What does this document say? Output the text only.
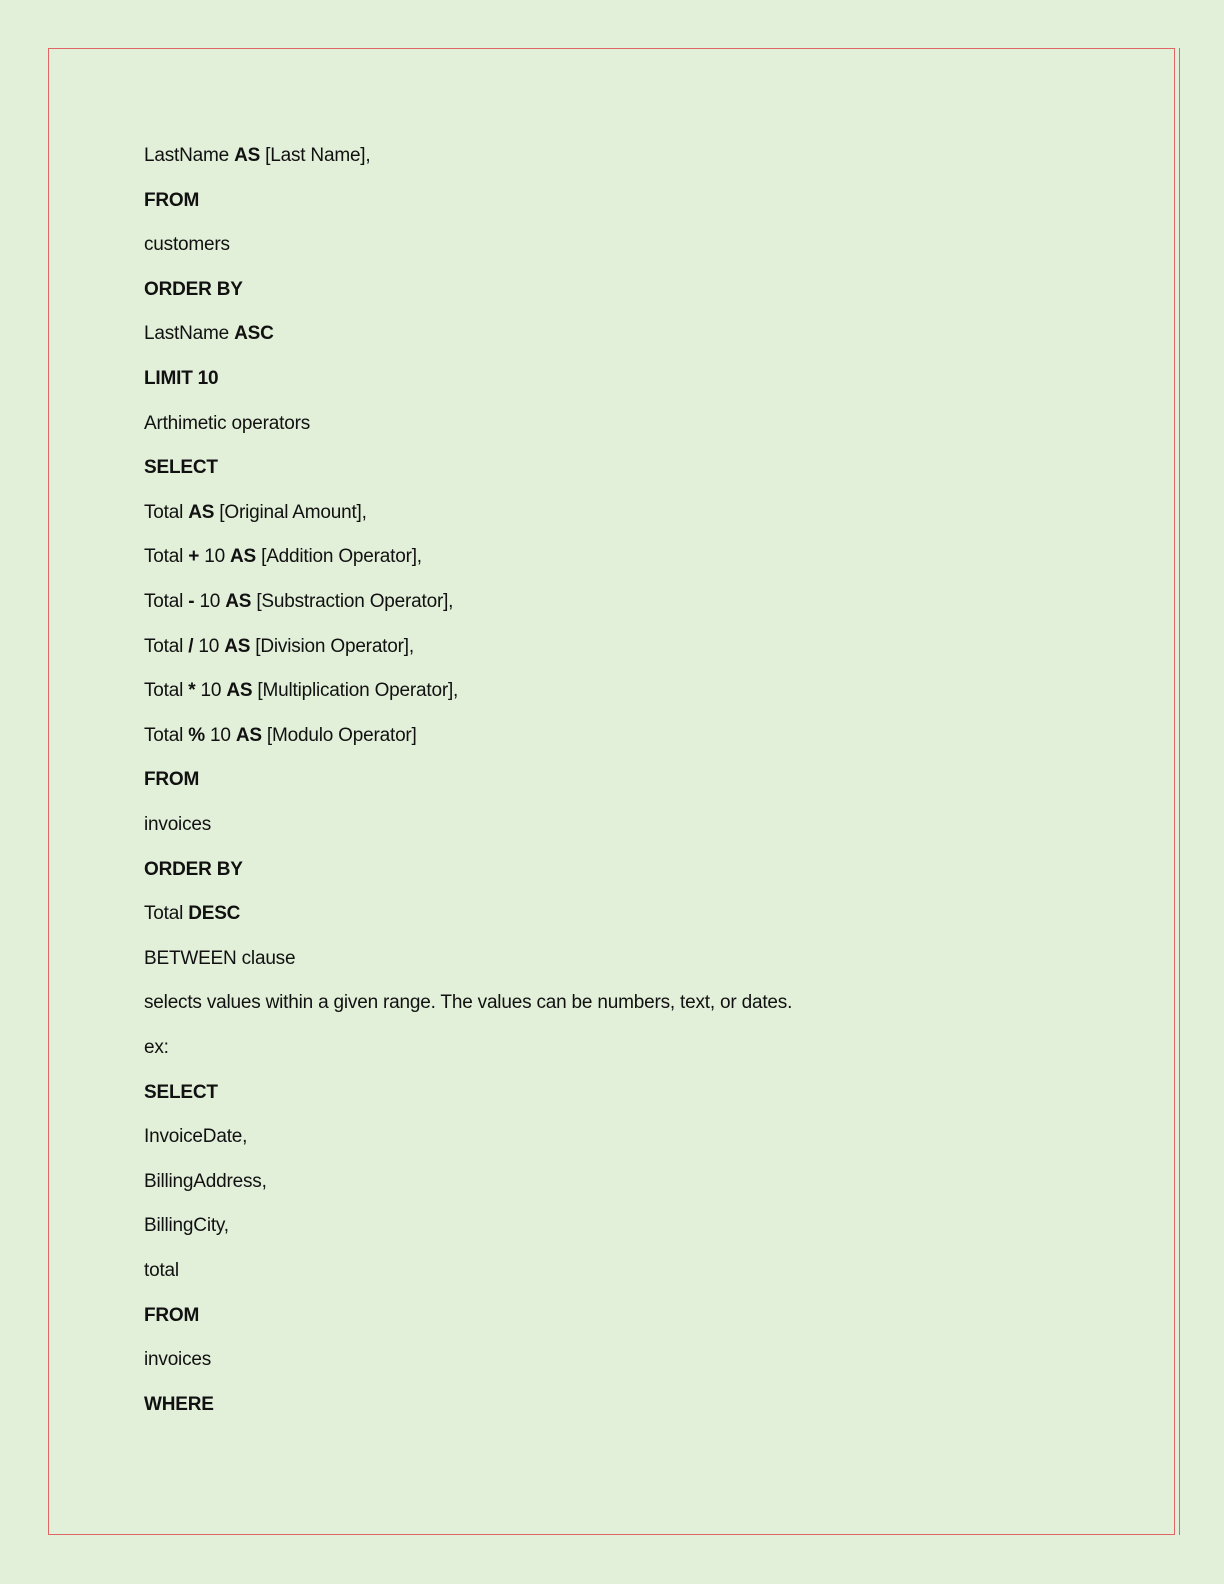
LastName AS [Last Name],
FROM
customers
ORDER BY
LastName ASC
LIMIT 10
Arthimetic operators
SELECT
Total AS [Original Amount],
Total + 10 AS [Addition Operator],
Total - 10 AS [Substraction Operator],
Total / 10 AS [Division Operator],
Total * 10 AS [Multiplication Operator],
Total % 10 AS [Modulo Operator]
FROM
invoices
ORDER BY
Total DESC
BETWEEN clause
selects values within a given range. The values can be numbers, text, or dates.
ex:
SELECT
InvoiceDate,
BillingAddress,
BillingCity,
total
FROM
invoices
WHERE
